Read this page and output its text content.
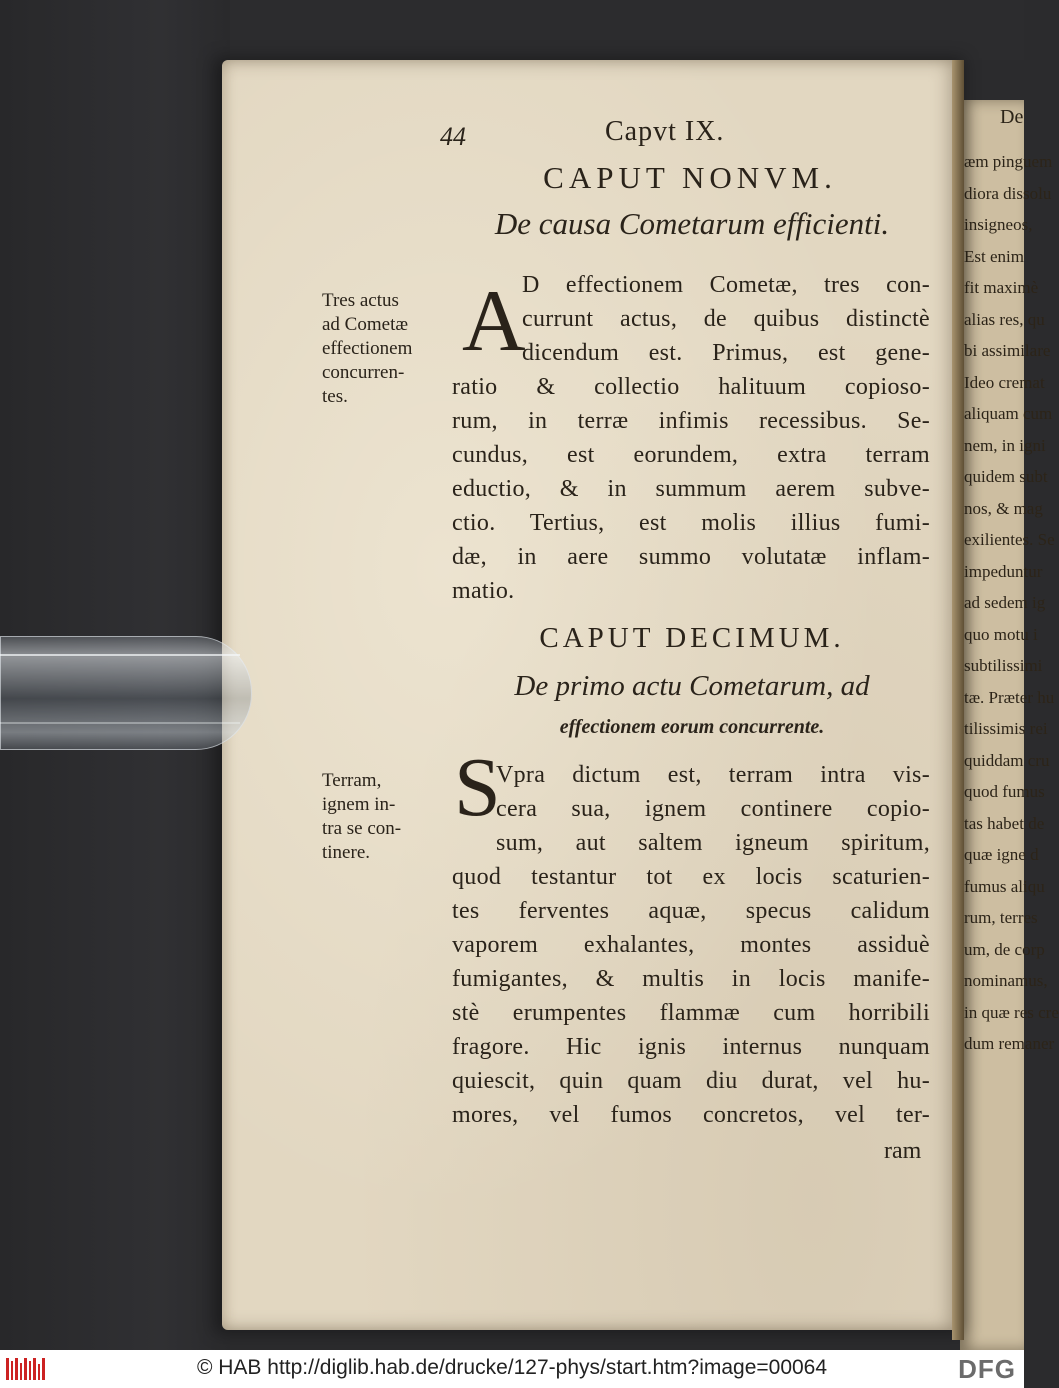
De
æm pinguem
diora dissolu
insigneos,
Est enim
fit maximè
alias res, qu
bi assimilare
Ideo cremat
aliquam cum
nem, in igni
quidem subt
nos, & mag
exilientes. Se
impeduntur
ad sedem ig
quo motu i
subtilissimi
tæ. Præter hu
tilissimis rei
quiddam cru
quod fumus
tas habet de
quæ igne d
fumus aliqu
rum, terres
um, de corp
nominamus,
in quæ res cre
dum remaner
44	Capvt IX.
CAPUT NONVM.
De causa Cometarum efficienti.
A
D effectionem Cometæ, tres con-
currunt actus, de quibus distinctè
dicendum est. Primus, est gene-
ratio & collectio halituum copioso-
rum, in terræ infimis recessibus. Se-
cundus, est eorundem, extra terram
eductio, & in summum aerem subve-
ctio. Tertius, est molis illius fumi-
dæ, in aere summo volutatæ inflam-
matio.
Tres actus
ad Cometæ
effectionem
concurren-
tes.
CAPUT DECIMUM.
De primo actu Cometarum, ad
effectionem eorum concurrente.
S
Vpra dictum est, terram intra vis-
cera sua, ignem continere copio-
sum, aut saltem igneum spiritum,
quod testantur tot ex locis scaturien-
tes ferventes aquæ, specus calidum
vaporem exhalantes, montes assiduè
fumigantes, & multis in locis manife-
stè erumpentes flammæ cum horribili
fragore. Hic ignis internus nunquam
quiescit, quin quam diu durat, vel hu-
mores, vel fumos concretos, vel ter-
ram
Terram,
ignem in-
tra se con-
tinere.
© HAB http://diglib.hab.de/drucke/127-phys/start.htm?image=00064	DFG
